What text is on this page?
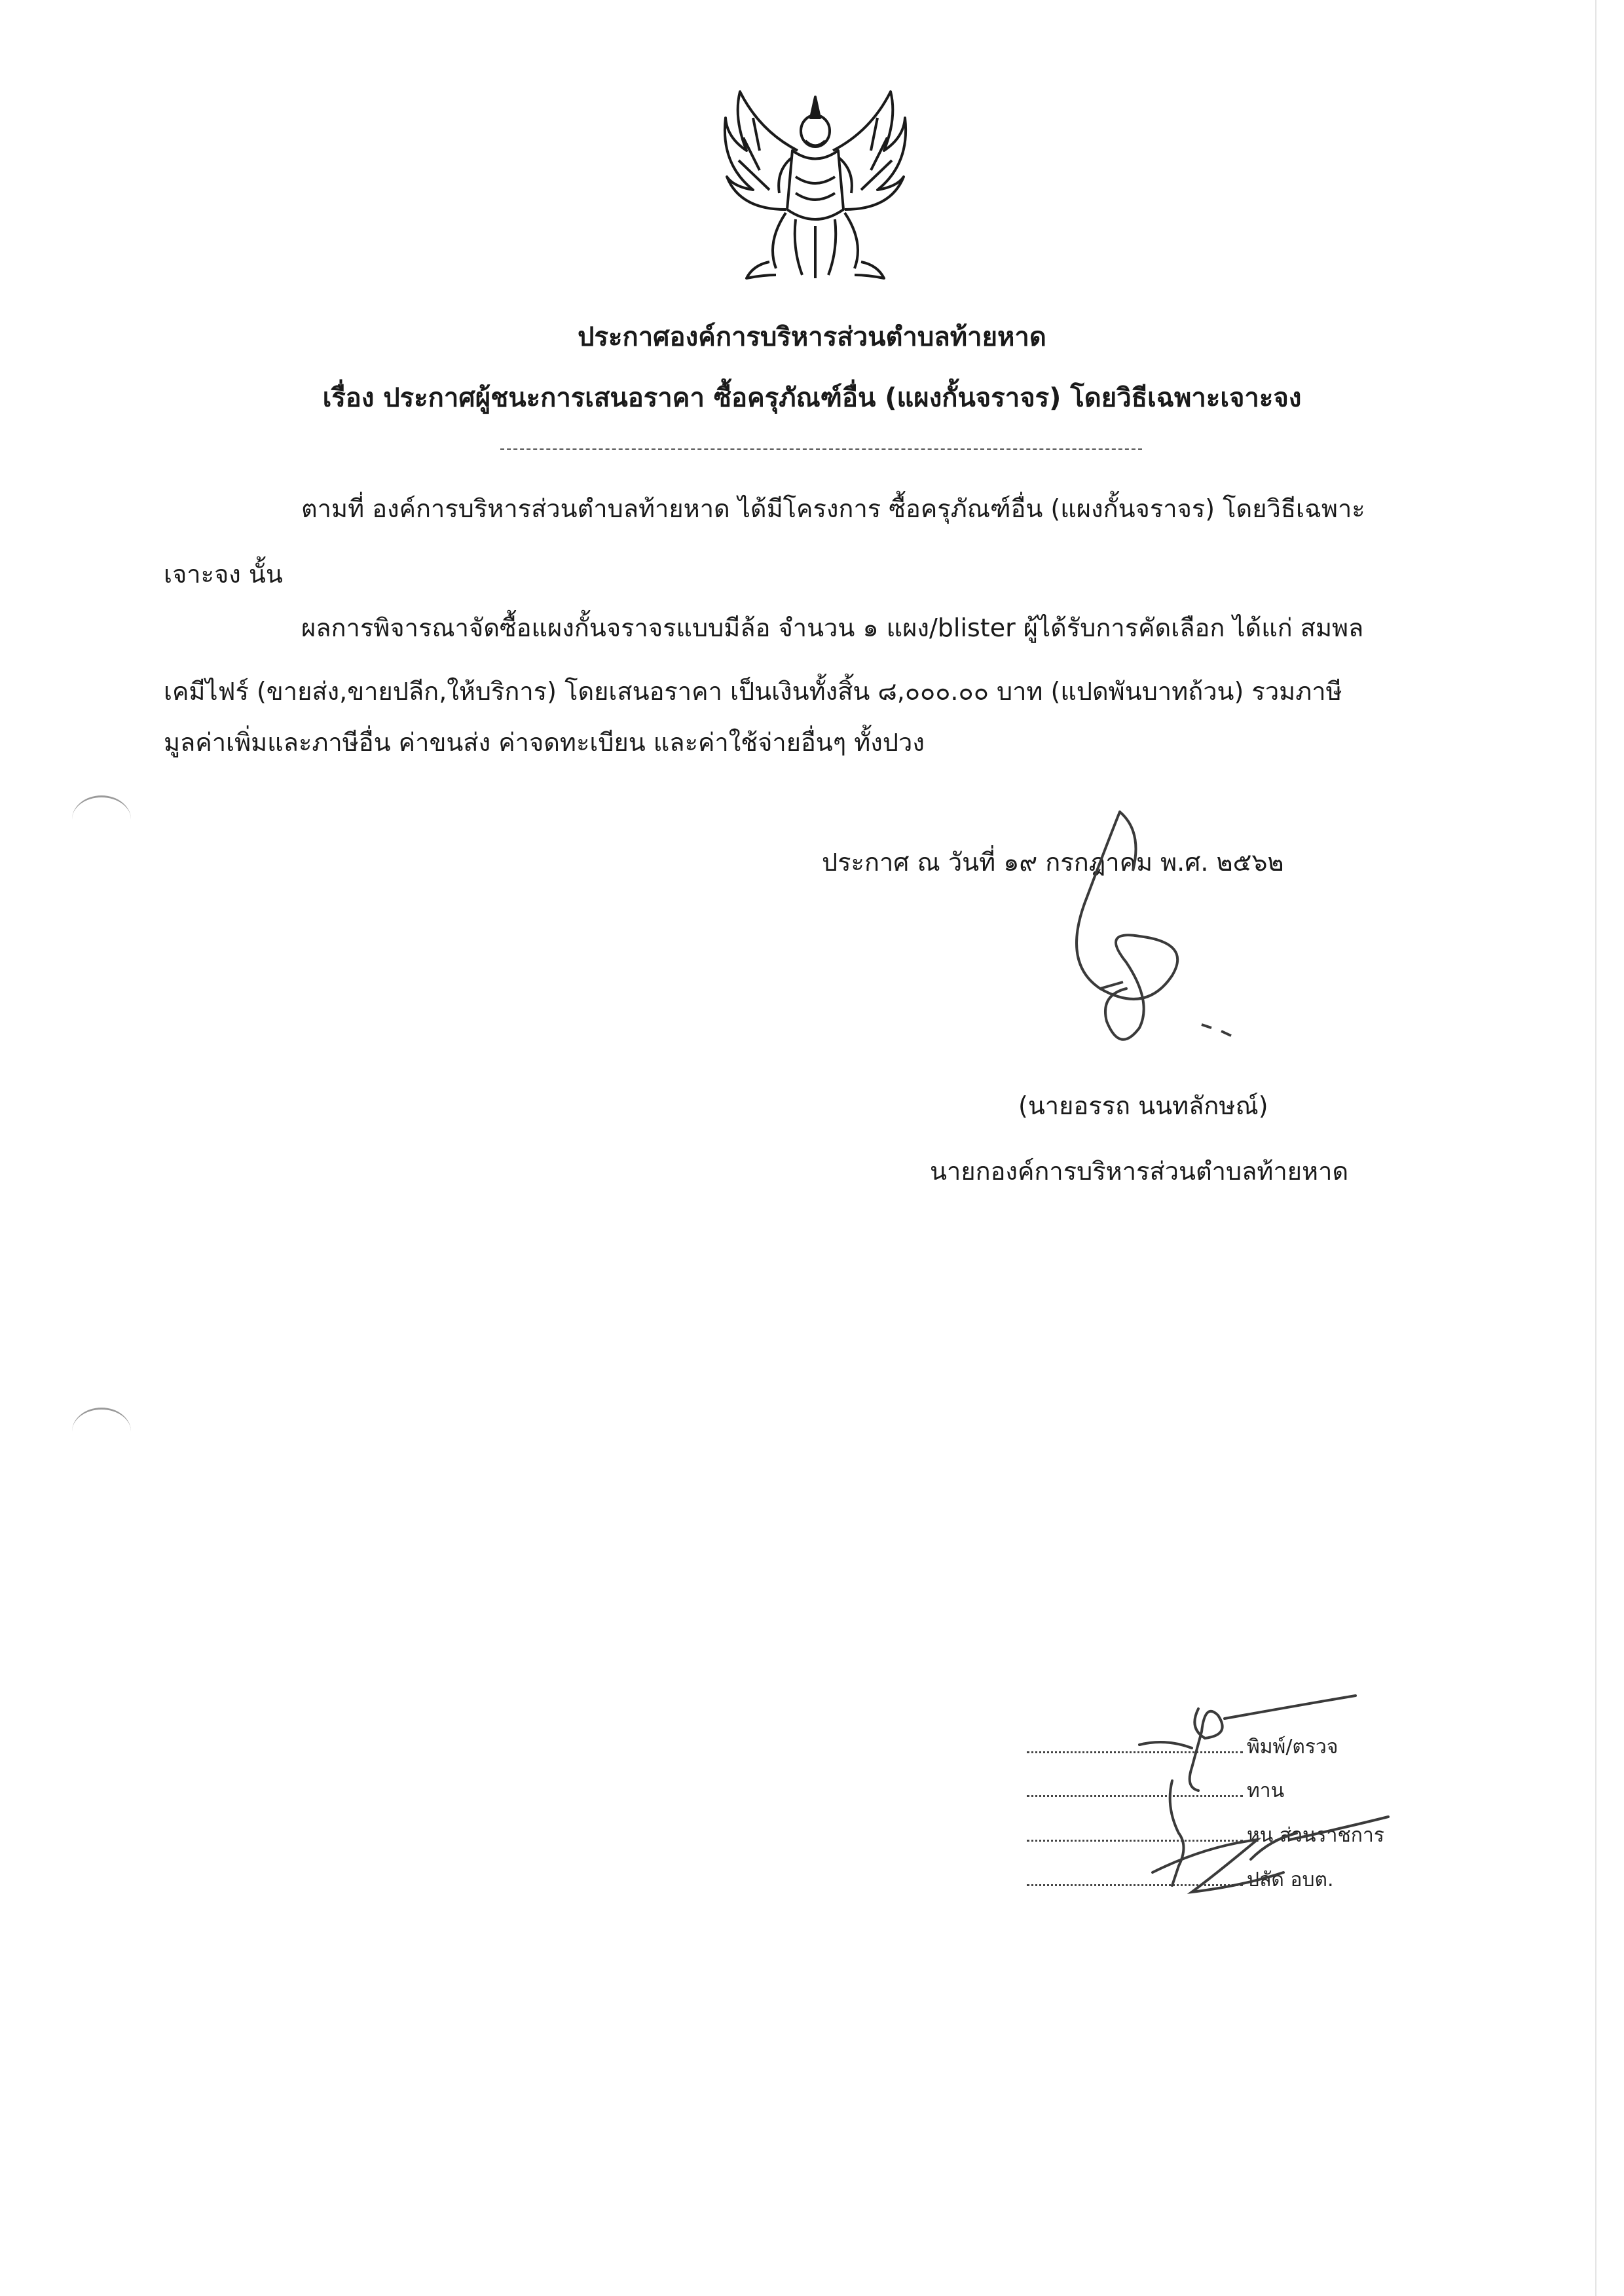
ประกาศองค์การบริหารส่วนตำบลท้ายหาด
เรื่อง ประกาศผู้ชนะการเสนอราคา ซื้อครุภัณฑ์อื่น (แผงกั้นจราจร) โดยวิธีเฉพาะเจาะจง
ตามที่ องค์การบริหารส่วนตำบลท้ายหาด ได้มีโครงการ ซื้อครุภัณฑ์อื่น (แผงกั้นจราจร) โดยวิธีเฉพาะ
เจาะจง นั้น
ผลการพิจารณาจัดซื้อแผงกั้นจราจรแบบมีล้อ จำนวน ๑ แผง/blister ผู้ได้รับการคัดเลือก ได้แก่ สมพล
เคมีไฟร์ (ขายส่ง,ขายปลีก,ให้บริการ) โดยเสนอราคา เป็นเงินทั้งสิ้น ๘,๐๐๐.๐๐ บาท (แปดพันบาทถ้วน) รวมภาษี
มูลค่าเพิ่มและภาษีอื่น ค่าขนส่ง ค่าจดทะเบียน และค่าใช้จ่ายอื่นๆ ทั้งปวง
ประกาศ ณ วันที่ ๑๙ กรกฎาคม พ.ศ. ๒๕๖๒
(นายอรรถ นนทลักษณ์)
นายกองค์การบริหารส่วนตำบลท้ายหาด
พิมพ์/ตรวจ
ทาน
หน.ส่วนราชการ
ปลัด อบต.
